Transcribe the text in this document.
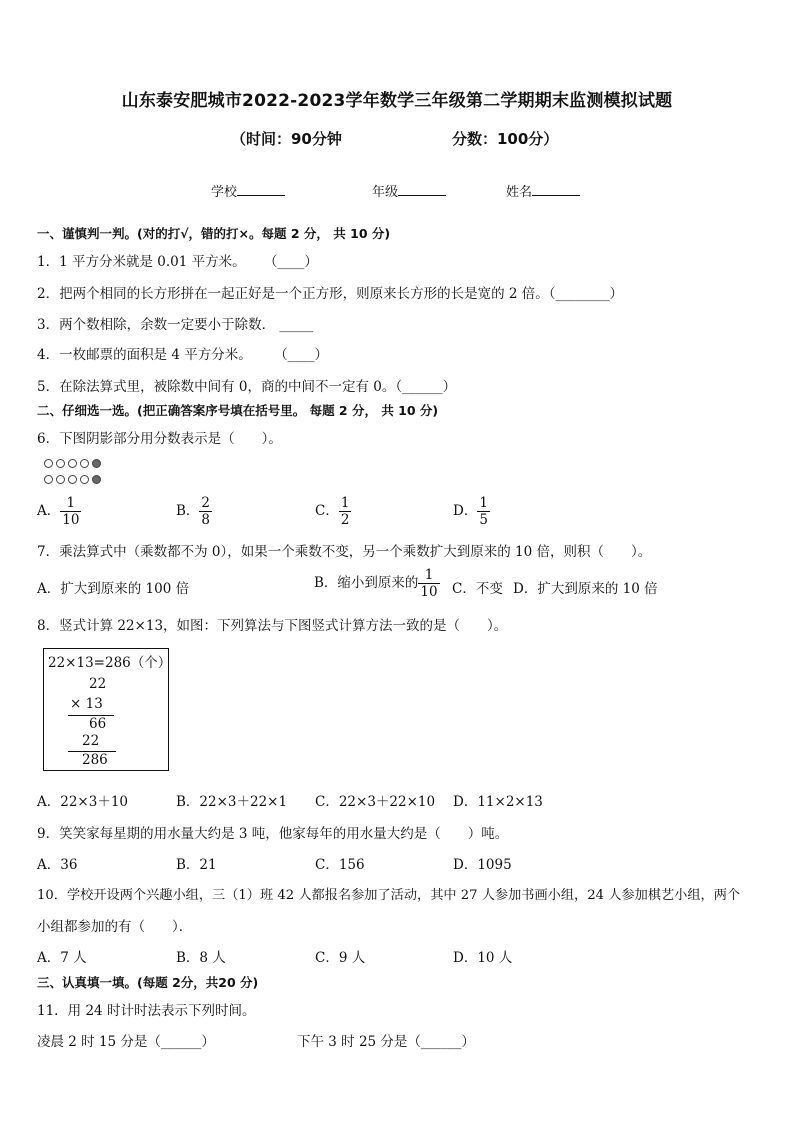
山东泰安肥城市2022-2023学年数学三年级第二学期期末监测模拟试题
（时间：90分钟	分数：100分）
学校	年级	姓名
一、谨慎判一判。(对的打√，错的打×。每题 2 分， 共 10 分)
1．1 平方分米就是 0.01 平方米。 （____）
2．把两个相同的长方形拼在一起正好是一个正方形，则原来长方形的长是宽的 2 倍。（________）
3．两个数相除，余数一定要小于除数． _____
4．一枚邮票的面积是 4 平方分米。 （____）
5．在除法算式里，被除数中间有 0，商的中间不一定有 0。（______）
二、仔细选一选。(把正确答案序号填在括号里。 每题 2 分， 共 10 分)
6．下图阴影部分用分数表示是（　　）。
A． $\frac{1}{10}$	B． $\frac{2}{8}$	C． $\frac{1}{2}$	D． $\frac{1}{5}$
7．乘法算式中（乘数都不为 0），如果一个乘数不变，另一个乘数扩大到原来的 10 倍，则积（　　）。
A．扩大到原来的 100 倍	B．缩小到原来的 $\frac{1}{10}$ C．不变 D．扩大到原来的 10 倍
8．竖式计算 22×13，如图：下列算法与下图竖式计算方法一致的是（　　）。
22×13=286（个）
22
× 13
66
22
286
A．22×3＋10	B．22×3＋22×1 C．22×3＋22×10 D．11×2×13
9．笑笑家每星期的用水量大约是 3 吨，他家每年的用水量大约是（　　）吨。
A．36	B．21	C．156	D．1095
10．学校开设两个兴趣小组，三（1）班 42 人都报名参加了活动，其中 27 人参加书画小组，24 人参加棋艺小组，两个
小组都参加的有（　　）．
A．7 人	B．8 人	C．9 人	D．10 人
三、认真填一填。(每题 2分，共20 分)
11．用 24 时计时法表示下列时间。
凌晨 2 时 15 分是（______）	下午 3 时 25 分是（______）
